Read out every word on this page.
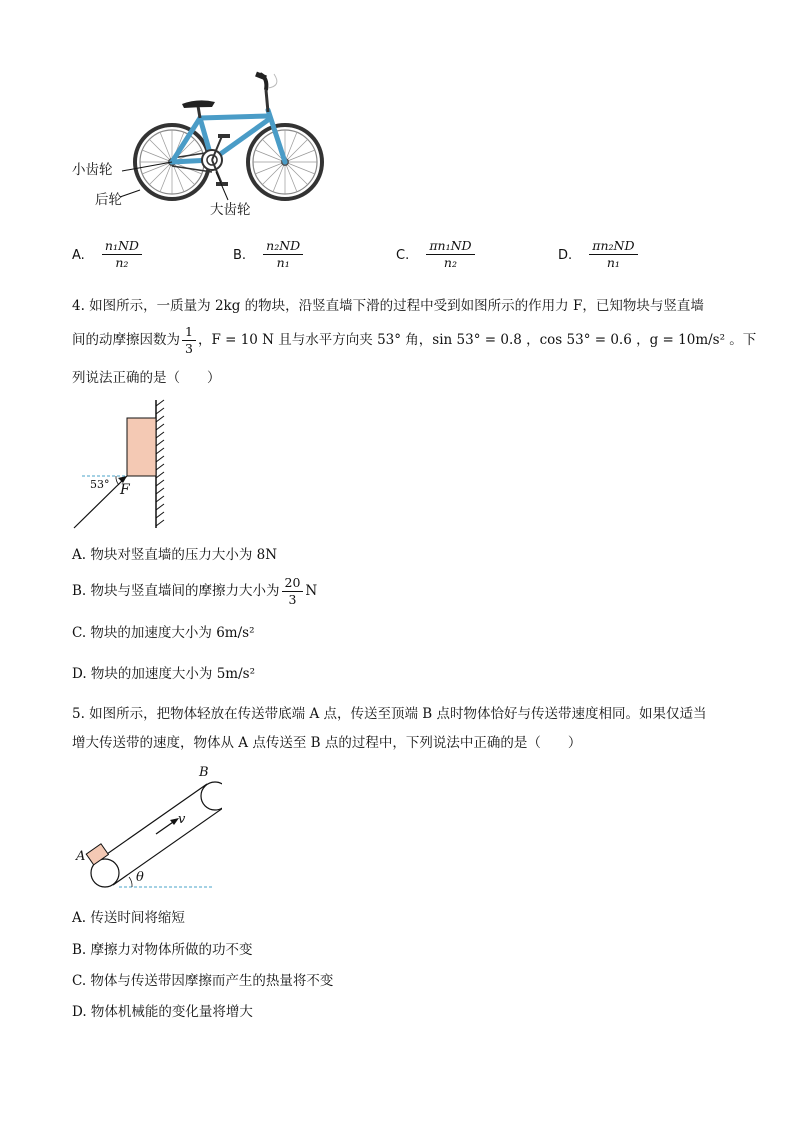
小齿轮
后轮
大齿轮
A. $\frac{\text{n₁ND}}{\text{n₂}}$	B. $\frac{\text{n₂ND}}{\text{n₁}}$	C. $\frac{\text{πn₁ND}}{\text{n₂}}$	D. $\frac{\text{πn₂ND}}{\text{n₁}}$
4. 如图所示，一质量为 2kg 的物块，沿竖直墙下滑的过程中受到如图所示的作用力 F，已知物块与竖直墙
间的动摩擦因数为 $\frac{1}{3}$ ，F = 10 N 且与水平方向夹 53° 角，sin 53° = 0.8 ，cos 53° = 0.6 ，g = 10m/s² 。下
列说法正确的是（　　）
53° F
A. 物块对竖直墙的压力大小为 8N
B. 物块与竖直墙间的摩擦力大小为 $\frac{20}{3}$ N
C. 物块的加速度大小为 6m/s²
D. 物块的加速度大小为 5m/s²
5. 如图所示，把物体轻放在传送带底端 A 点，传送至顶端 B 点时物体恰好与传送带速度相同。如果仅适当
增大传送带的速度，物体从 A 点传送至 B 点的过程中，下列说法中正确的是（　　）
B
A
v
θ
A. 传送时间将缩短
B. 摩擦力对物体所做的功不变
C. 物体与传送带因摩擦而产生的热量将不变
D. 物体机械能的变化量将增大
